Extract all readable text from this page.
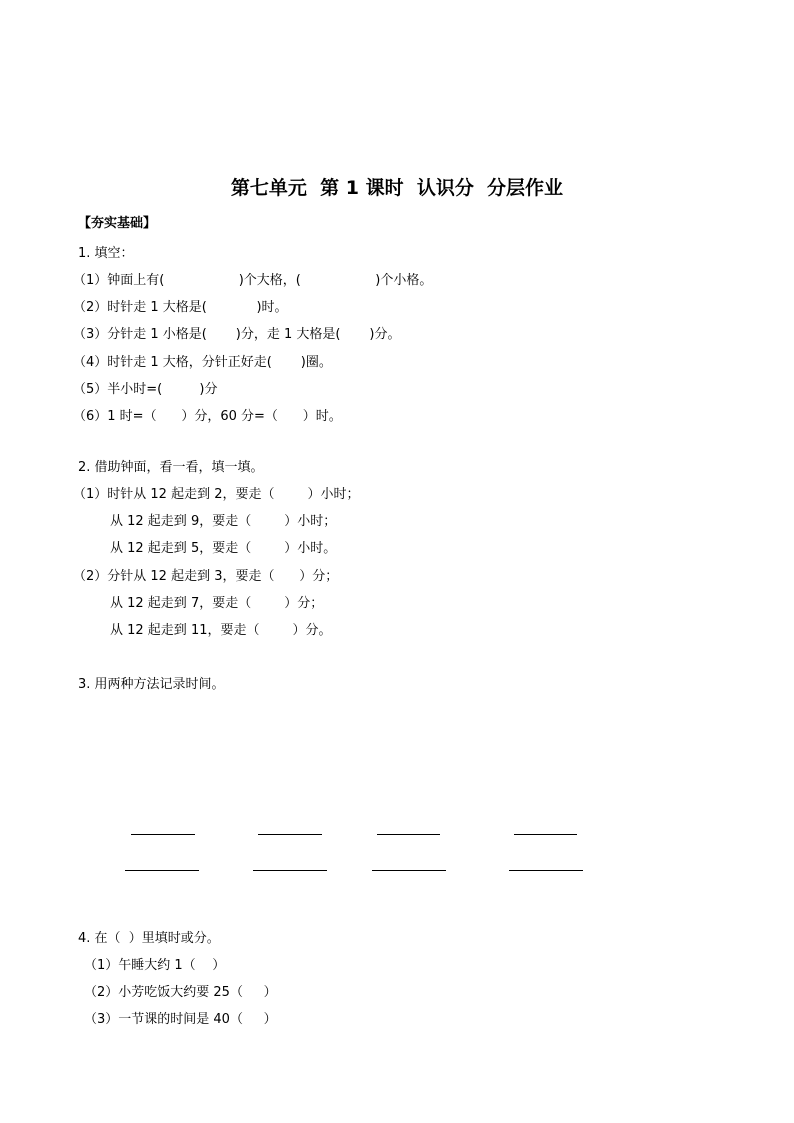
第七单元  第 1 课时  认识分  分层作业
【夯实基础】
1. 填空：
（1）钟面上有(                  )个大格，(                  )个小格。
（2）时针走 1 大格是(            )时。
（3）分针走 1 小格是(       )分，走 1 大格是(       )分。
（4）时针走 1 大格，分针正好走(       )圈。
（5）半小时=(         )分
（6）1 时=（      ）分，60 分=（      ）时。
2. 借助钟面，看一看，填一填。
（1）时针从 12 起走到 2，要走（        ）小时；
从 12 起走到 9，要走（        ）小时；
从 12 起走到 5，要走（        ）小时。
（2）分针从 12 起走到 3，要走（      ）分；
从 12 起走到 7，要走（        ）分；
从 12 起走到 11，要走（        ）分。
3. 用两种方法记录时间。
4. 在（  ）里填时或分。
（1）午睡大约 1（    ）
（2）小芳吃饭大约要 25（     ）
（3）一节课的时间是 40（     ）
